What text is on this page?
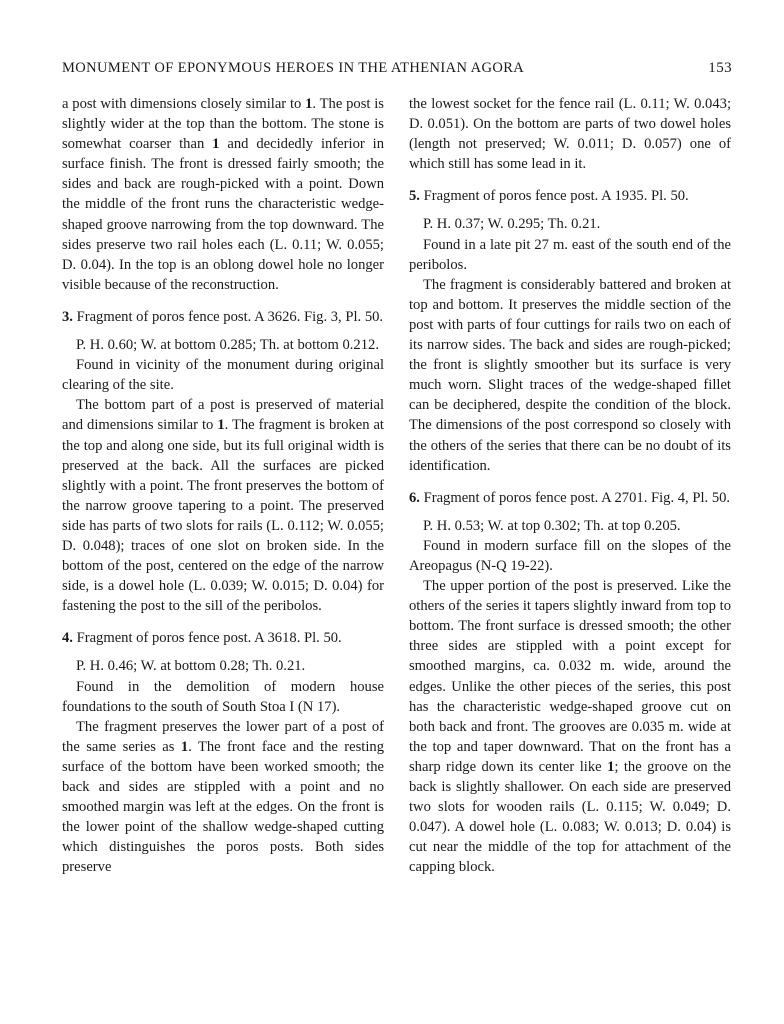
MONUMENT OF EPONYMOUS HEROES IN THE ATHENIAN AGORA	153

a post with dimensions closely similar to 1. The post is slightly wider at the top than the bottom. The stone is somewhat coarser than 1 and decidedly inferior in surface finish. The front is dressed fairly smooth; the sides and back are rough-picked with a point. Down the middle of the front runs the characteristic wedge-shaped groove narrowing from the top downward. The sides preserve two rail holes each (L. 0.11; W. 0.055; D. 0.04). In the top is an oblong dowel hole no longer visible because of the reconstruction.

3. Fragment of poros fence post. A 3626. Fig. 3, Pl. 50.

P. H. 0.60; W. at bottom 0.285; Th. at bottom 0.212.

Found in vicinity of the monument during original clearing of the site.

The bottom part of a post is preserved of material and dimensions similar to 1. The fragment is broken at the top and along one side, but its full original width is preserved at the back. All the surfaces are picked slightly with a point. The front preserves the bottom of the narrow groove tapering to a point. The preserved side has parts of two slots for rails (L. 0.112; W. 0.055; D. 0.048); traces of one slot on broken side. In the bottom of the post, centered on the edge of the narrow side, is a dowel hole (L. 0.039; W. 0.015; D. 0.04) for fastening the post to the sill of the peribolos.

4. Fragment of poros fence post. A 3618. Pl. 50.

P. H. 0.46; W. at bottom 0.28; Th. 0.21.

Found in the demolition of modern house foundations to the south of South Stoa I (N 17).

The fragment preserves the lower part of a post of the same series as 1. The front face and the resting surface of the bottom have been worked smooth; the back and sides are stippled with a point and no smoothed margin was left at the edges. On the front is the lower point of the shallow wedge-shaped cutting which distinguishes the poros posts. Both sides preserve

the lowest socket for the fence rail (L. 0.11; W. 0.043; D. 0.051). On the bottom are parts of two dowel holes (length not preserved; W. 0.011; D. 0.057) one of which still has some lead in it.

5. Fragment of poros fence post. A 1935. Pl. 50.

P. H. 0.37; W. 0.295; Th. 0.21.

Found in a late pit 27 m. east of the south end of the peribolos.

The fragment is considerably battered and broken at top and bottom. It preserves the middle section of the post with parts of four cuttings for rails two on each of its narrow sides. The back and sides are rough-picked; the front is slightly smoother but its surface is very much worn. Slight traces of the wedge-shaped fillet can be deciphered, despite the condition of the block. The dimensions of the post correspond so closely with the others of the series that there can be no doubt of its identification.

6. Fragment of poros fence post. A 2701. Fig. 4, Pl. 50.

P. H. 0.53; W. at top 0.302; Th. at top 0.205.

Found in modern surface fill on the slopes of the Areopagus (N-Q 19-22).

The upper portion of the post is preserved. Like the others of the series it tapers slightly inward from top to bottom. The front surface is dressed smooth; the other three sides are stippled with a point except for smoothed margins, ca. 0.032 m. wide, around the edges. Unlike the other pieces of the series, this post has the characteristic wedge-shaped groove cut on both back and front. The grooves are 0.035 m. wide at the top and taper downward. That on the front has a sharp ridge down its center like 1; the groove on the back is slightly shallower. On each side are preserved two slots for wooden rails (L. 0.115; W. 0.049; D. 0.047). A dowel hole (L. 0.083; W. 0.013; D. 0.04) is cut near the middle of the top for attachment of the capping block.
